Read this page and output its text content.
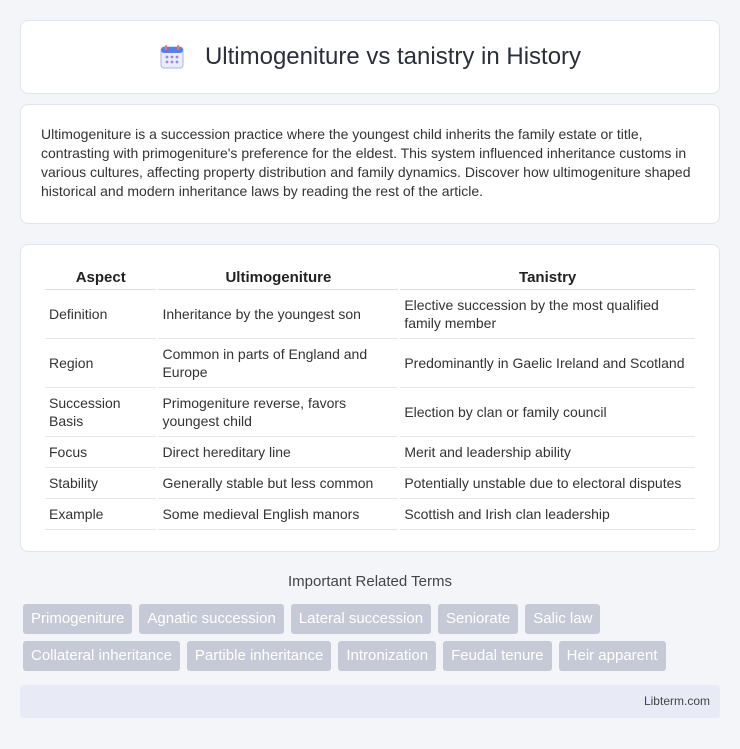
Ultimogeniture vs tanistry in History

Ultimogeniture is a succession practice where the youngest child inherits the family estate or title, contrasting with primogeniture's preference for the eldest. This system influenced inheritance customs in various cultures, affecting property distribution and family dynamics. Discover how ultimogeniture shaped historical and modern inheritance laws by reading the rest of the article.

Aspect	Ultimogeniture	Tanistry
Definition	Inheritance by the youngest son	Elective succession by the most qualified family member
Region	Common in parts of England and Europe	Predominantly in Gaelic Ireland and Scotland
Succession Basis	Primogeniture reverse, favors youngest child	Election by clan or family council
Focus	Direct hereditary line	Merit and leadership ability
Stability	Generally stable but less common	Potentially unstable due to electoral disputes
Example	Some medieval English manors	Scottish and Irish clan leadership
Important Related Terms
Primogeniture	Agnatic succession	Lateral succession	Seniorate	Salic law
Collateral inheritance	Partible inheritance	Intronization	Feudal tenure	Heir apparent
Libterm.com
